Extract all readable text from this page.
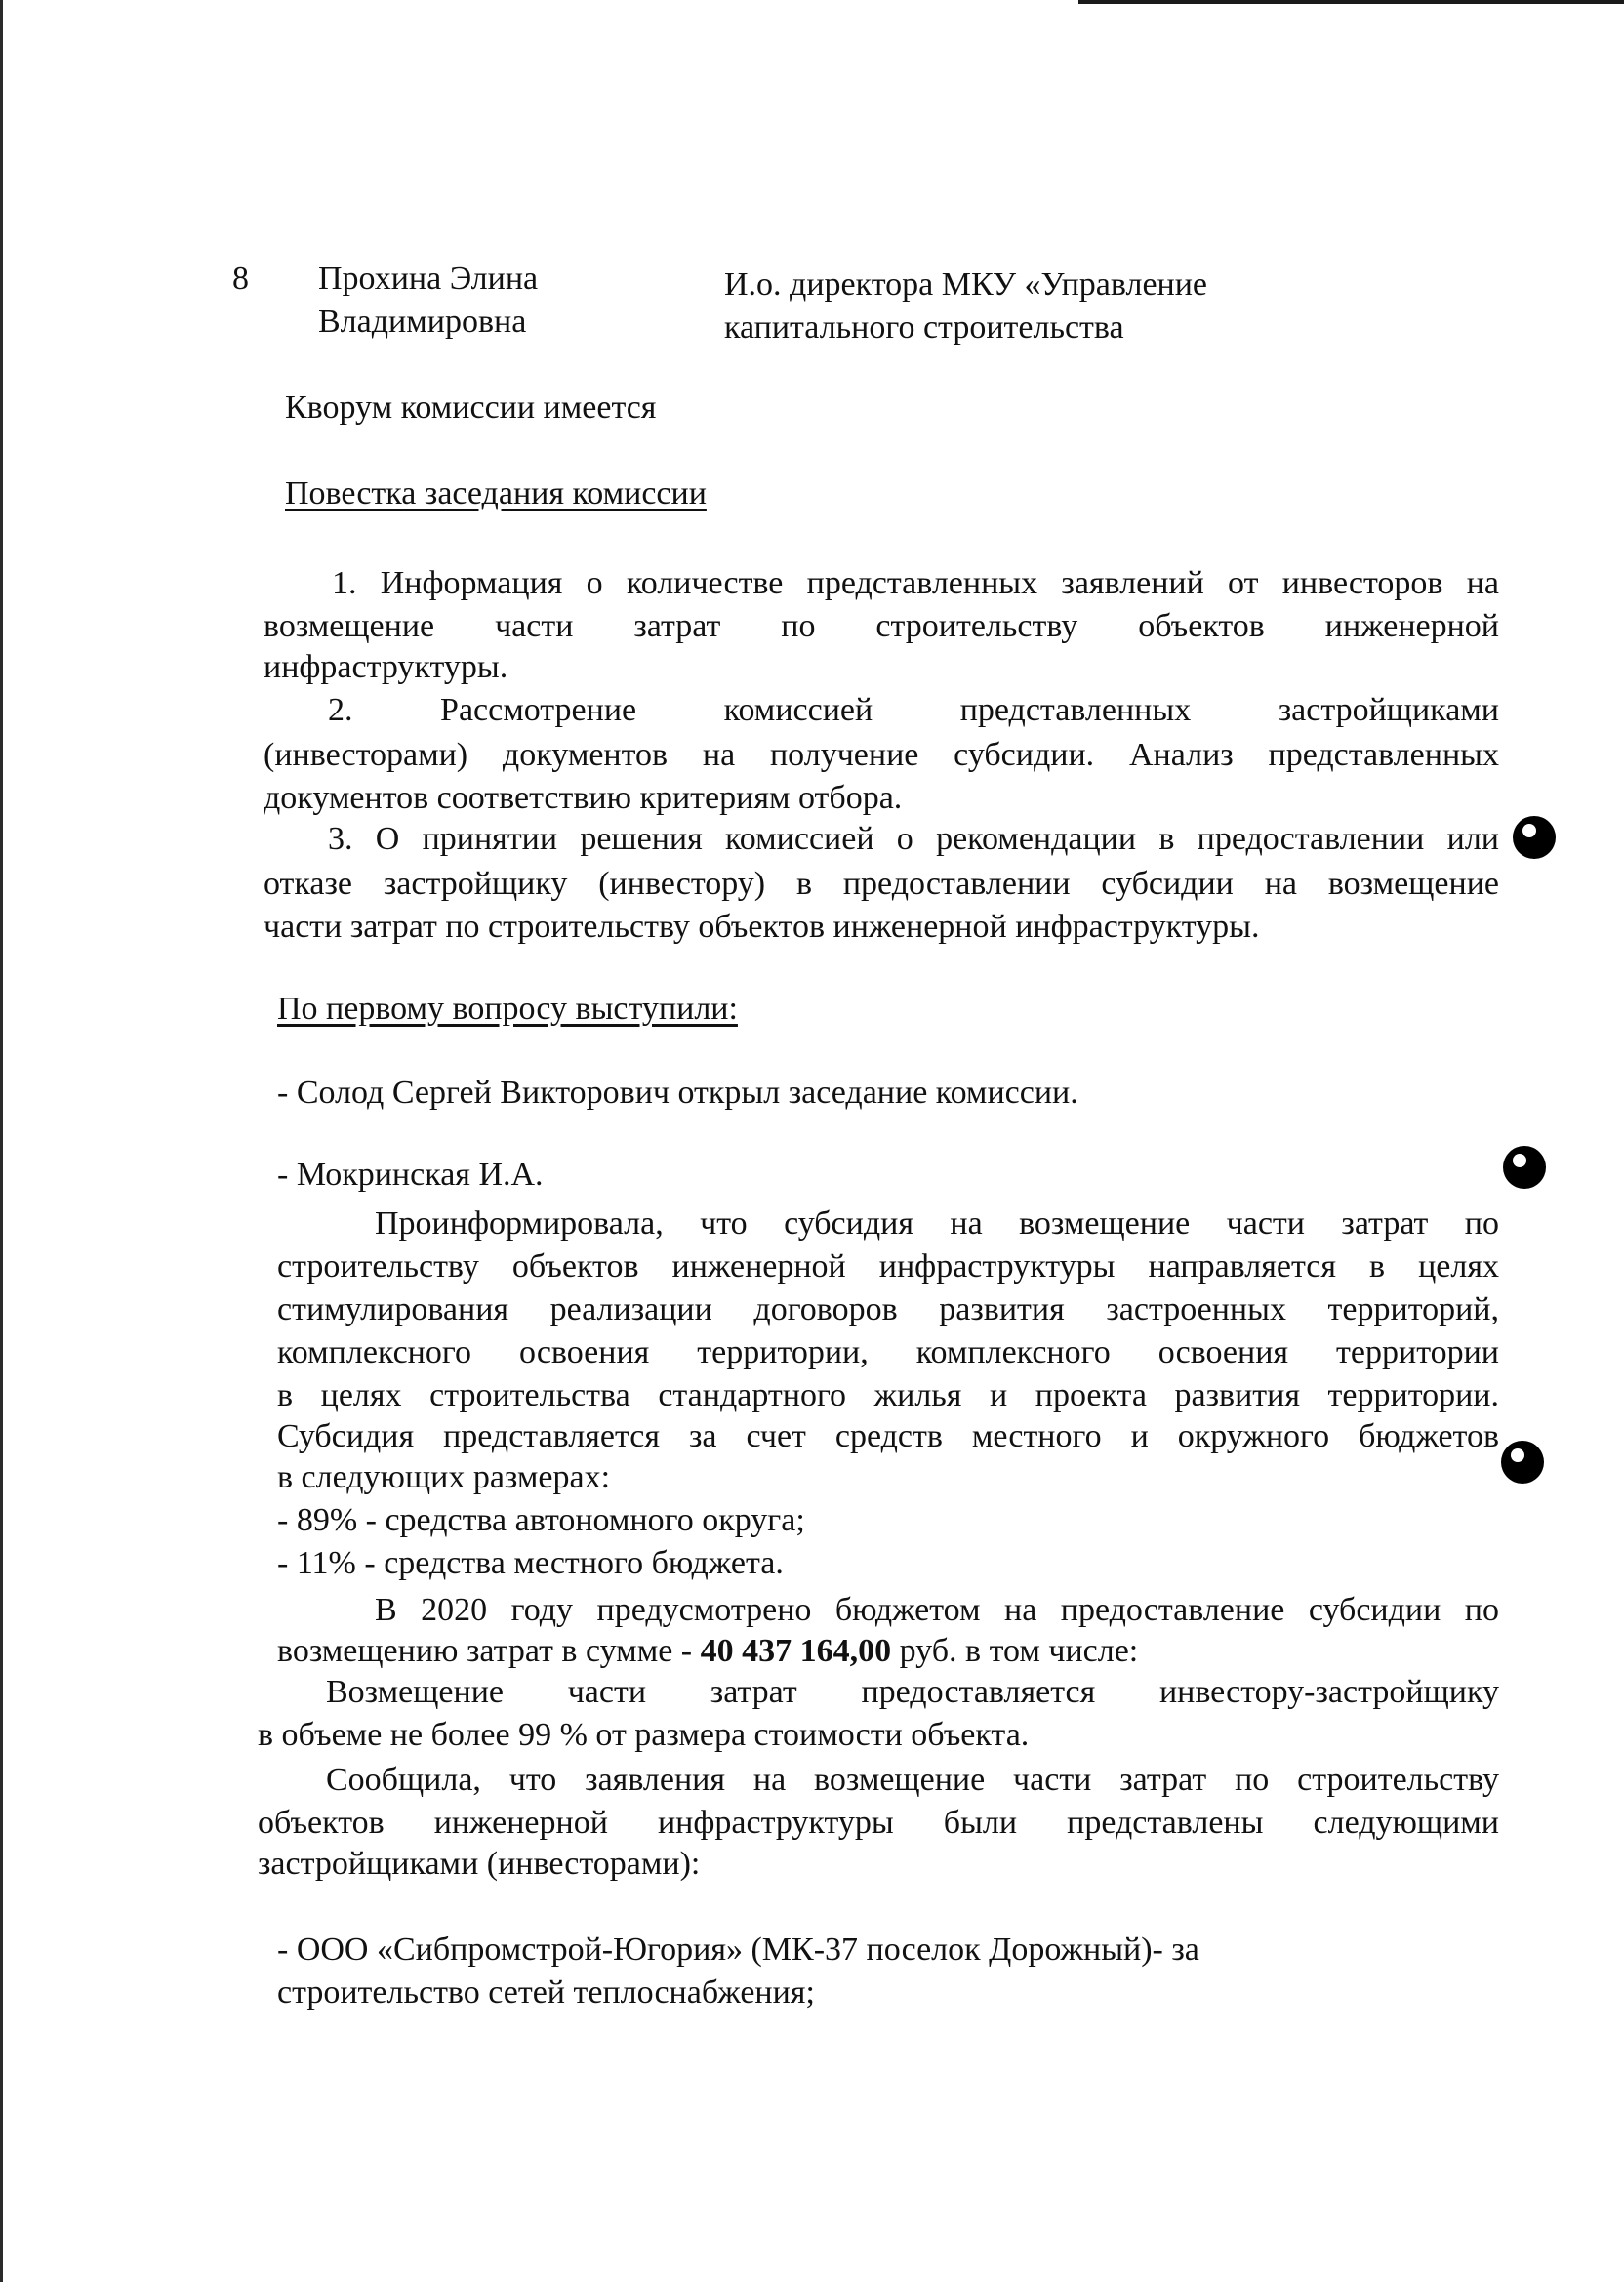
8 Прохина Элина
Владимировна
И.о. директора МКУ «Управление
капитального строительства
Кворум комиссии имеется
Повестка заседания комиссии
1. Информация о количестве представленных заявлений от инвесторов на
возмещение части затрат по строительству объектов инженерной
инфраструктуры.
2. Рассмотрение комиссией представленных застройщиками
(инвесторами) документов на получение субсидии. Анализ представленных
документов соответствию критериям отбора.
3. О принятии решения комиссией о рекомендации в предоставлении или
отказе застройщику (инвестору) в предоставлении субсидии на возмещение
части затрат по строительству объектов инженерной инфраструктуры.
По первому вопросу выступили:
- Солод Сергей Викторович открыл заседание комиссии.
- Мокринская И.А.
Проинформировала, что субсидия на возмещение части затрат по
строительству объектов инженерной инфраструктуры направляется в целях
стимулирования реализации договоров развития застроенных территорий,
комплексного освоения территории, комплексного освоения территории
в целях строительства стандартного жилья и проекта развития территории.
Субсидия представляется за счет средств местного и окружного бюджетов
в следующих размерах:
- 89% - средства автономного округа;
- 11% - средства местного бюджета.
В 2020 году предусмотрено бюджетом на предоставление субсидии по
возмещению затрат в сумме - 40 437 164,00 руб. в том числе:
Возмещение части затрат предоставляется инвестору-застройщику
в объеме не более 99 % от размера стоимости объекта.
Сообщила, что заявления на возмещение части затрат по строительству
объектов инженерной инфраструктуры были представлены следующими
застройщиками (инвесторами):
- ООО «Сибпромстрой-Югория» (МК-37 поселок Дорожный)- за
строительство сетей теплоснабжения;
